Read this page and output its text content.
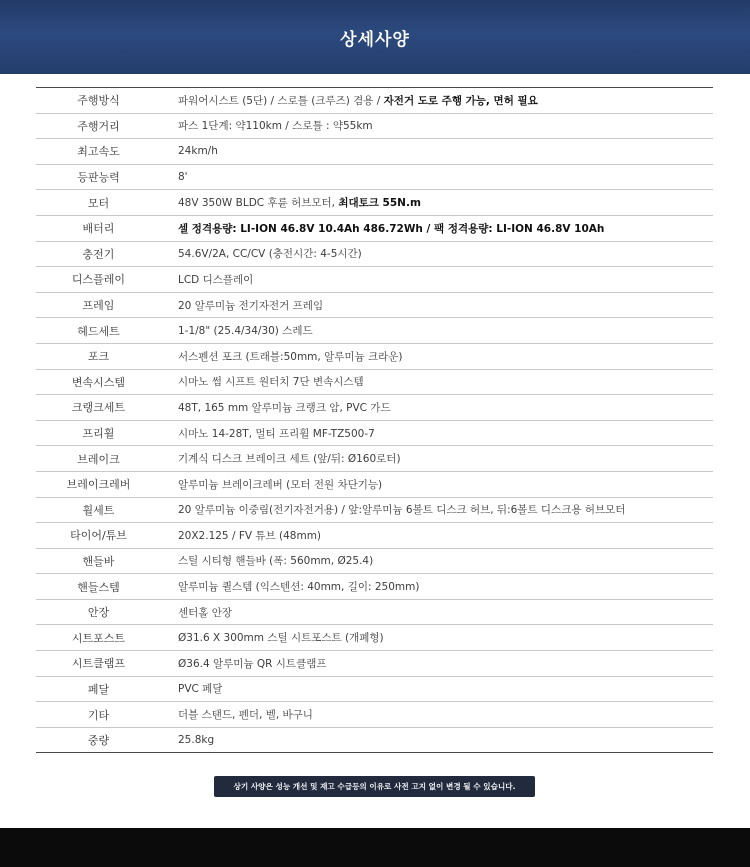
상세사양
주행방식	파워어시스트 (5단) / 스로틀 (크루즈) 겸용 / 자전거 도로 주행 가능, 면허 필요
주행거리	파스 1단계: 약110km / 스로틀 : 약55km
최고속도	24km/h
등판능력	8'
모터	48V 350W BLDC 후륜 허브모터, 최대토크 55N.m
배터리	셀 정격용량: LI-ION 46.8V 10.4Ah 486.72Wh / 팩 정격용량: LI-ION 46.8V 10Ah
충전기	54.6V/2A, CC/CV (충전시간: 4-5시간)
디스플레이	LCD 디스플레이
프레임	20 알루미늄 전기자전거 프레임
헤드세트	1-1/8" (25.4/34/30) 스레드
포크	서스펜션 포크 (트래블:50mm, 알루미늄 크라운)
변속시스템	시마노 썸 시프트 원터치 7단 변속시스템
크랭크세트	48T, 165 mm 알루미늄 크랭크 암, PVC 가드
프리휠	시마노 14-28T, 멀티 프리휠 MF-TZ500-7
브레이크	기계식 디스크 브레이크 세트 (앞/뒤: Ø160로터)
브레이크레버	알루미늄 브레이크레버 (모터 전원 차단기능)
휠세트	20 알루미늄 이중림(전기자전거용) / 앞:알루미늄 6볼트 디스크 허브, 뒤:6볼트 디스크용 허브모터
타이어/튜브	20X2.125 / FV 튜브 (48mm)
핸들바	스틸 시티형 핸들바 (폭: 560mm, Ø25.4)
핸들스템	알루미늄 퀼스템 (익스텐션: 40mm, 길이: 250mm)
안장	센터홀 안장
시트포스트	Ø31.6 X 300mm 스틸 시트포스트 (개폐형)
시트클램프	Ø36.4 알루미늄 QR 시트클램프
페달	PVC 페달
기타	더블 스탠드, 펜더, 벨, 바구니
중량	25.8kg
상기 사양은 성능 개선 및 재고 수급등의 이유로 사전 고지 없이 변경 될 수 있습니다.
